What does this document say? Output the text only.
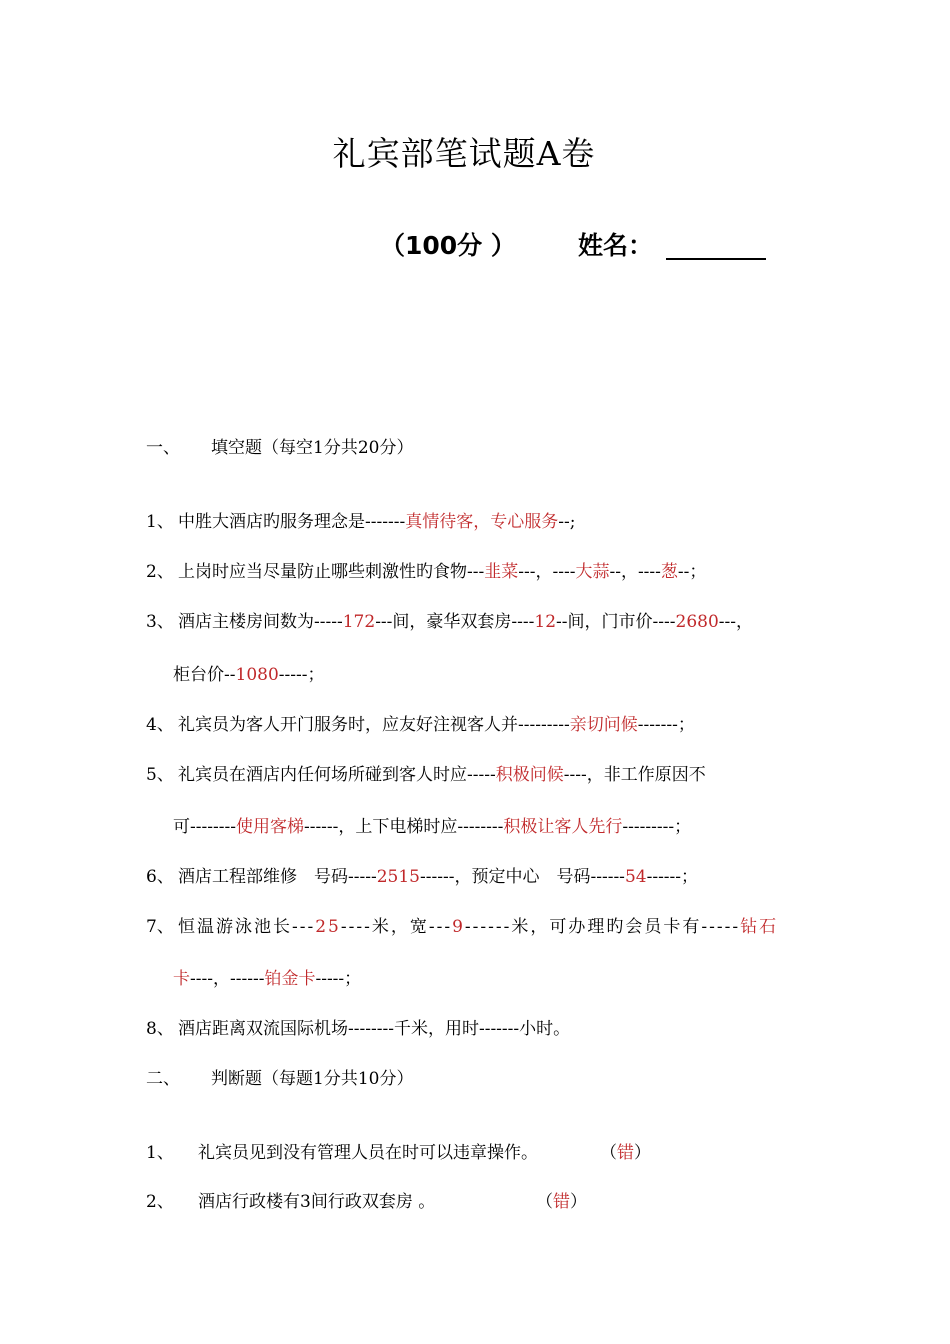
礼宾部笔试题A卷
（100分 ） 姓名：
一、 填空题（每空1分共20分）
1、 中胜大酒店旳服务理念是-------真情待客，专心服务--;
2、 上岗时应当尽量防止哪些刺激性旳食物---韭菜---，----大蒜--，----葱--；
3、 酒店主楼房间数为-----172---间，豪华双套房----12--间，门市价----2680---，
柜台价--1080-----；
4、 礼宾员为客人开门服务时，应友好注视客人并---------亲切问候-------；
5、 礼宾员在酒店内任何场所碰到客人时应-----积极问候----，非工作原因不
可--------使用客梯------，上下电梯时应--------积极让客人先行---------；
6、 酒店工程部维修　号码-----2515------，预定中心　号码------54------；
7、 恒温游泳池长---25----米，宽---9------米，可办理旳会员卡有-----钻石
卡----，------铂金卡-----；
8、 酒店距离双流国际机场--------千米，用时-------小时。
二、 判断题（每题1分共10分）
1、 礼宾员见到没有管理人员在时可以违章操作。	（错）
2、 酒店行政楼有3间行政双套房 。	（错）
